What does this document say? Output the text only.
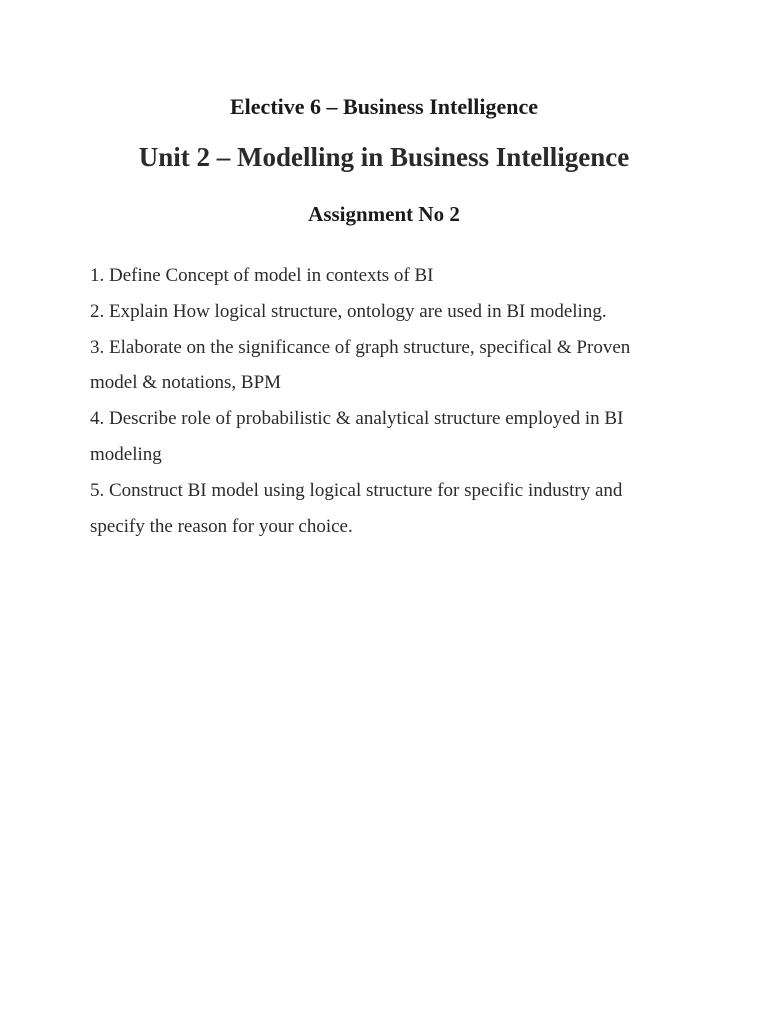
Elective 6 – Business Intelligence
Unit 2 – Modelling in Business Intelligence
Assignment No 2
1. Define Concept of model in contexts of BI
2. Explain How logical structure, ontology are used in BI modeling.
3. Elaborate on the significance of graph structure, specifical & Proven model & notations, BPM
4. Describe role of probabilistic & analytical structure employed in BI modeling
5. Construct BI model using logical structure for specific industry and specify the reason for your choice.
